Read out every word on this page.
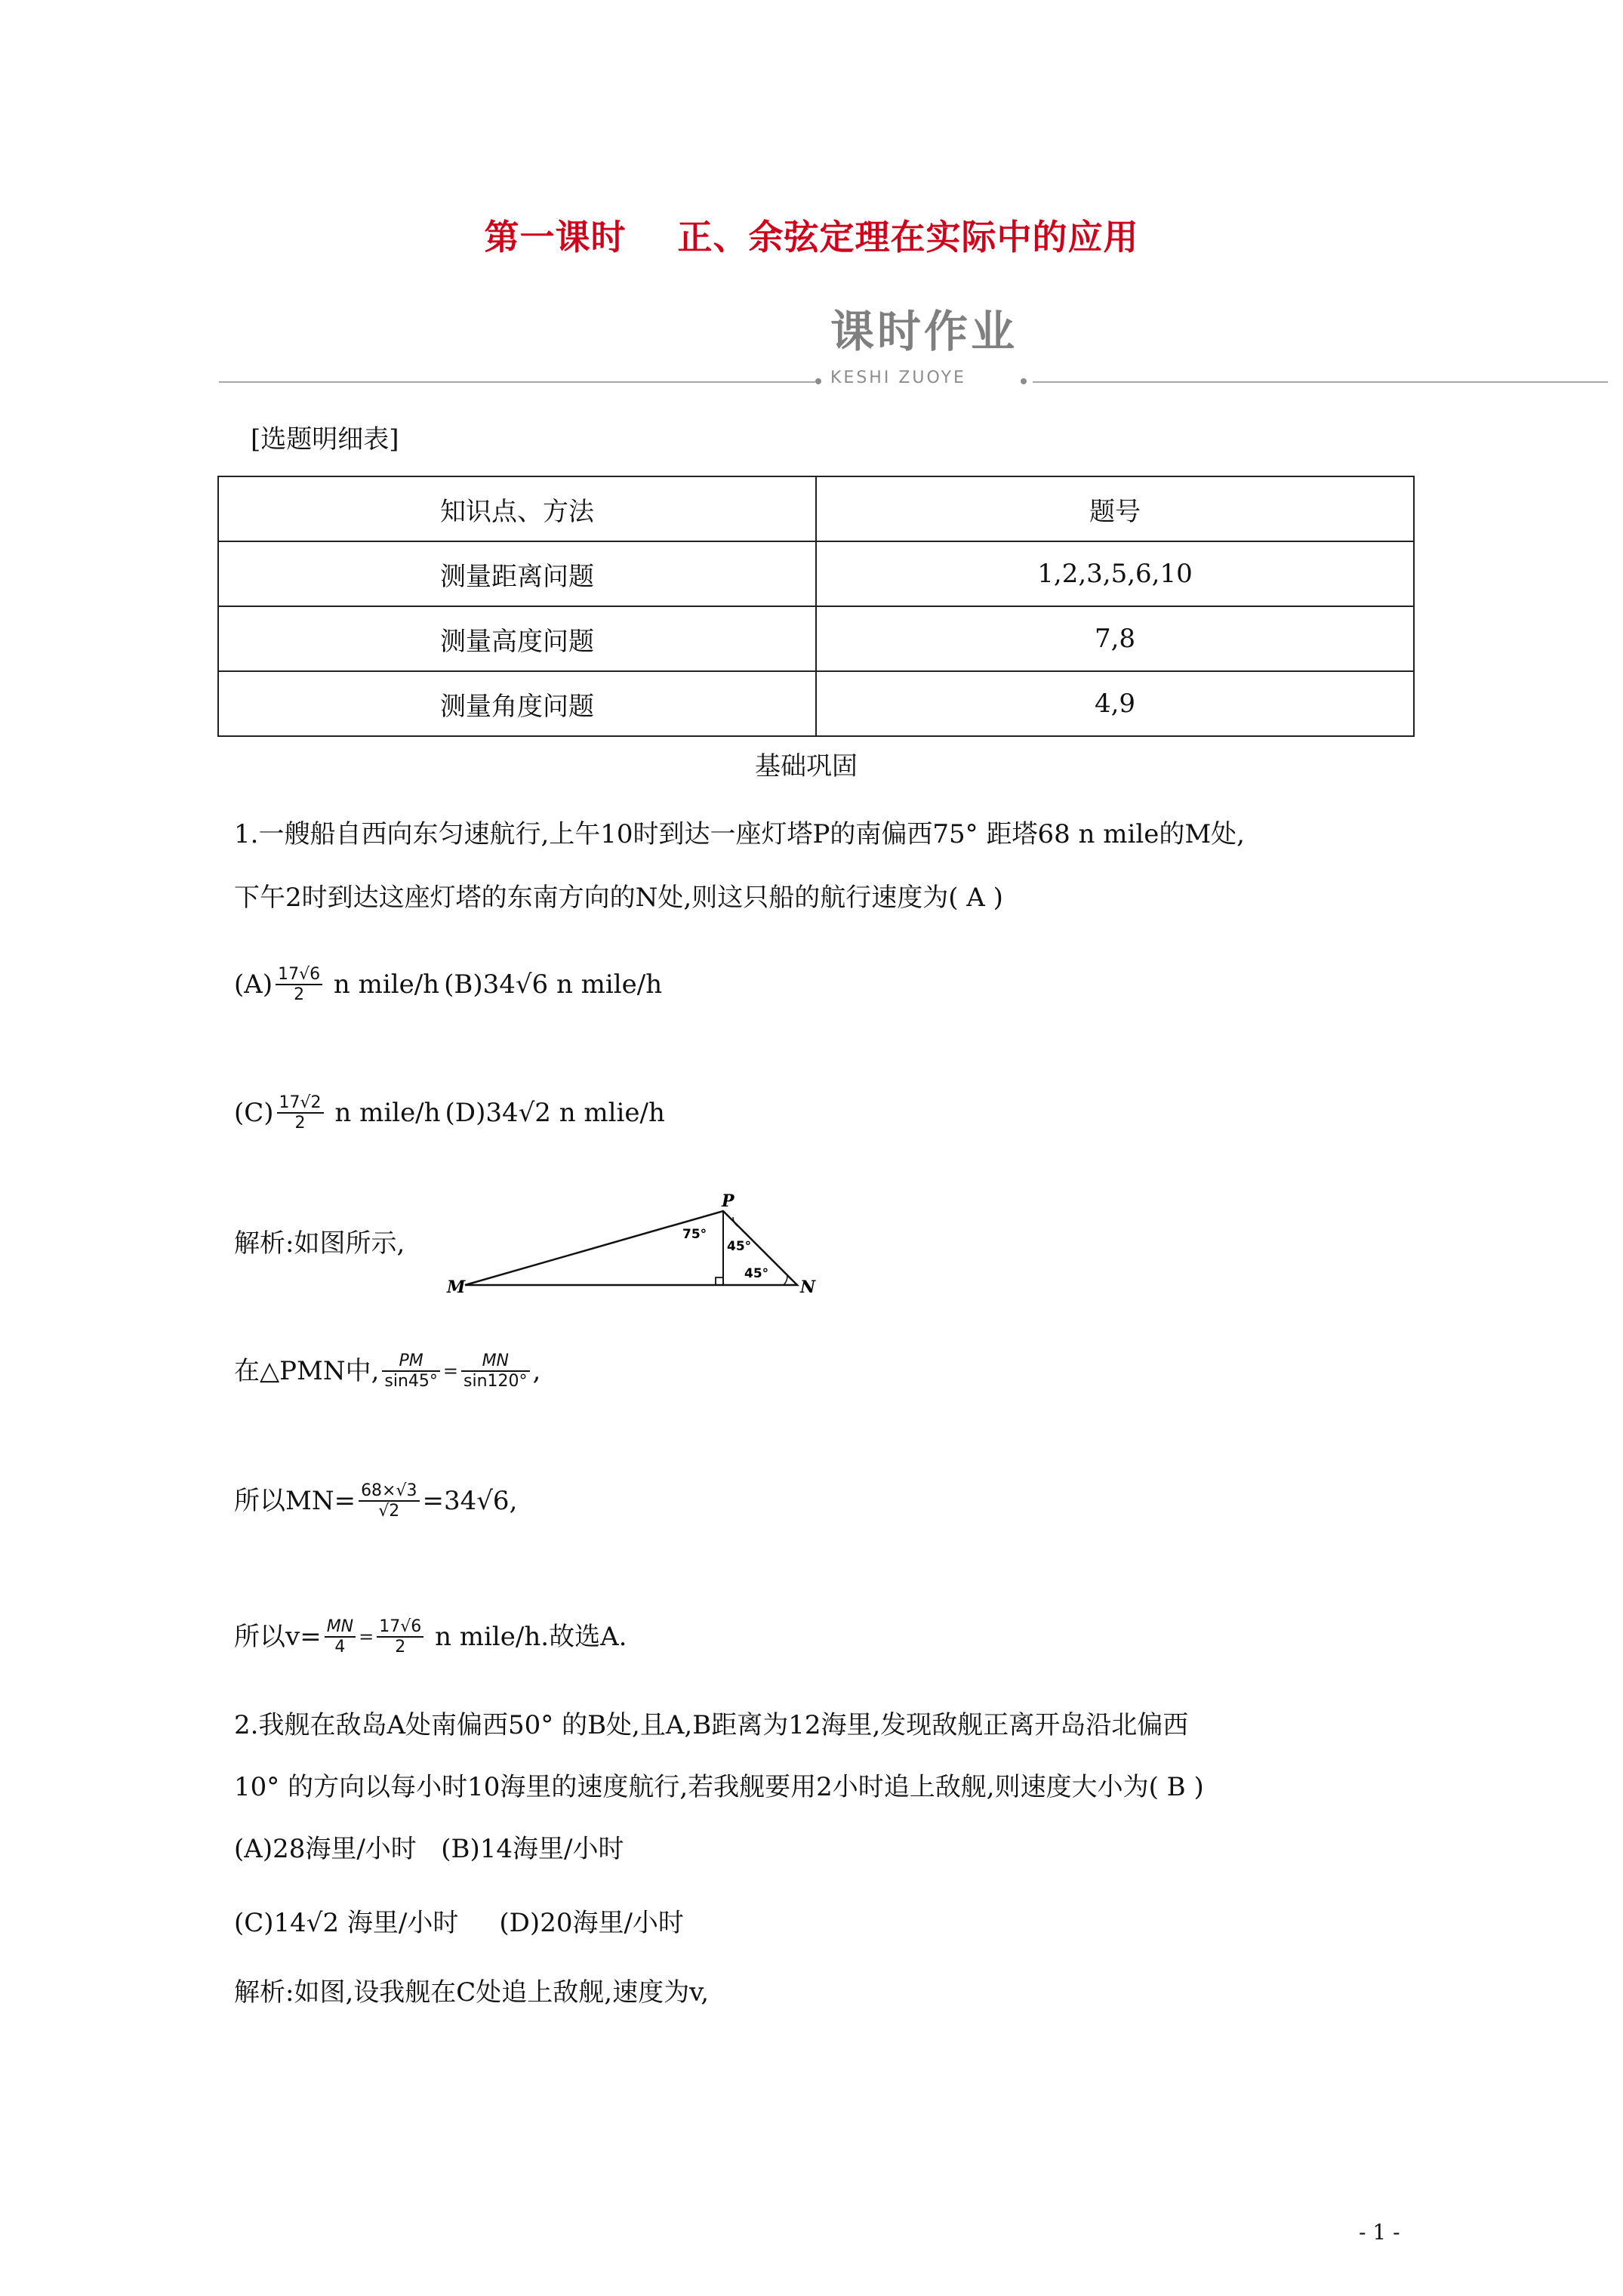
第一课时    正、余弦定理在实际中的应用
课时作业
KESHI ZUOYE
[选题明细表]
知识点、方法	题号
测量距离问题	1,2,3,5,6,10
测量高度问题	7,8
测量角度问题	4,9
基础巩固
1.一艘船自西向东匀速航行,上午10时到达一座灯塔P的南偏西75° 距塔68 n mile的M处,
下午2时到达这座灯塔的东南方向的N处,则这只船的航行速度为( A )
$(A) \frac{17√6}{2}$ n mile/h (B)34√6 n mile/h
$(C) \frac{17√2}{2}$ n mile/h (D)34√2 n mlie/h
解析:如图所示,
P
M	N
75°
45°
45°
在△PMN中, $\frac{PM}{\sin 45^\circ} = \frac{MN}{\sin 120^\circ}$ ,
所以$MN= \frac{68\times√3}{√2} =34√6$,
所以$v= \frac{MN}{4} = \frac{17√6}{2}$ n mile/h.故选A.
2.我舰在敌岛A处南偏西50° 的B处,且A,B距离为12海里,发现敌舰正离开岛沿北偏西
10° 的方向以每小时10海里的速度航行,若我舰要用2小时追上敌舰,则速度大小为( B )
(A)28海里/小时   (B)14海里/小时
(C)14√2 海里/小时     (D)20海里/小时
解析:如图,设我舰在C处追上敌舰,速度为v,
- 1 -
